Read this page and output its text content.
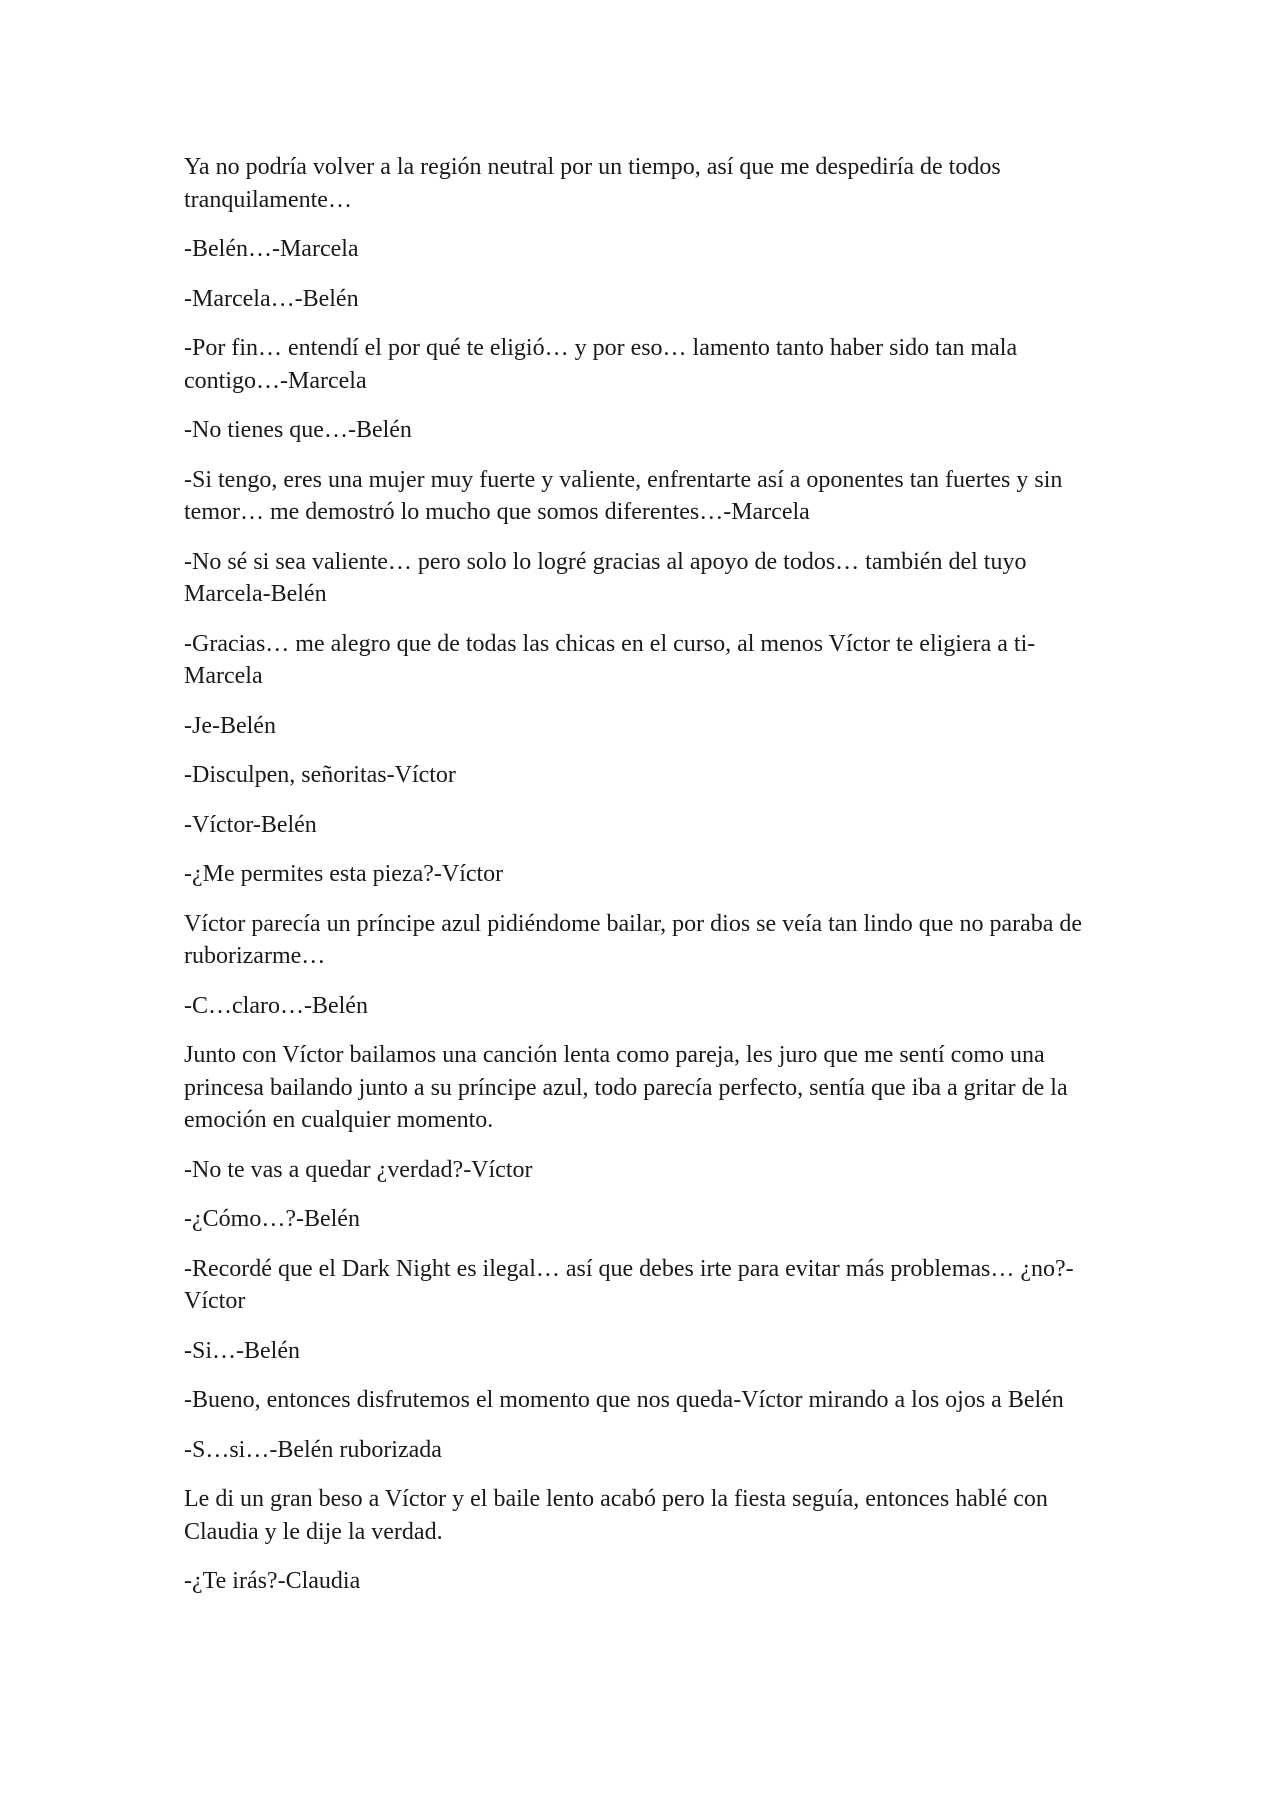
Ya no podría volver a la región neutral por un tiempo, así que me despediría de todos tranquilamente…

-Belén…-Marcela

-Marcela…-Belén

-Por fin… entendí el por qué te eligió… y por eso… lamento tanto haber sido tan mala contigo…-Marcela

-No tienes que…-Belén

-Si tengo, eres una mujer muy fuerte y valiente, enfrentarte así a oponentes tan fuertes y sin temor… me demostró lo mucho que somos diferentes…-Marcela

-No sé si sea valiente… pero solo lo logré gracias al apoyo de todos… también del tuyo Marcela-Belén

-Gracias… me alegro que de todas las chicas en el curso, al menos Víctor te eligiera a ti-Marcela

-Je-Belén

-Disculpen, señoritas-Víctor

-Víctor-Belén

-¿Me permites esta pieza?-Víctor

Víctor parecía un príncipe azul pidiéndome bailar, por dios se veía tan lindo que no paraba de ruborizarme…

-C…claro…-Belén

Junto con Víctor bailamos una canción lenta como pareja, les juro que me sentí como una princesa bailando junto a su príncipe azul, todo parecía perfecto, sentía que iba a gritar de la emoción en cualquier momento.

-No te vas a quedar ¿verdad?-Víctor

-¿Cómo…?-Belén

-Recordé que el Dark Night es ilegal… así que debes irte para evitar más problemas… ¿no?-Víctor

-Si…-Belén

-Bueno, entonces disfrutemos el momento que nos queda-Víctor mirando a los ojos a Belén

-S…si…-Belén ruborizada

Le di un gran beso a Víctor y el baile lento acabó pero la fiesta seguía, entonces hablé con Claudia y le dije la verdad.

-¿Te irás?-Claudia
